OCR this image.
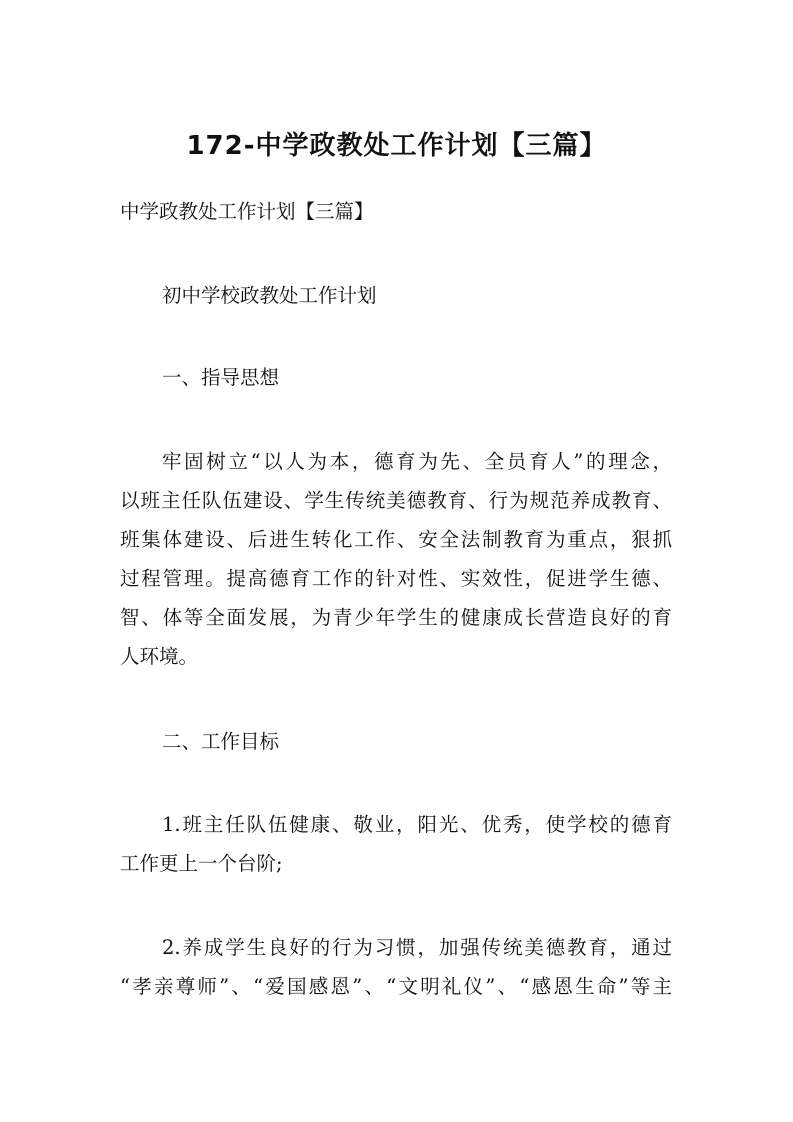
172-中学政教处工作计划【三篇】
中学政教处工作计划【三篇】
初中学校政教处工作计划
一、指导思想
牢固树立“以人为本，德育为先、全员育人”的理念，
以班主任队伍建设、学生传统美德教育、行为规范养成教育、
班集体建设、后进生转化工作、安全法制教育为重点，狠抓
过程管理。提高德育工作的针对性、实效性，促进学生德、
智、体等全面发展，为青少年学生的健康成长营造良好的育
人环境。
二、工作目标
1.班主任队伍健康、敬业，阳光、优秀，使学校的德育
工作更上一个台阶;
2.养成学生良好的行为习惯，加强传统美德教育，通过
“孝亲尊师”、“爱国感恩”、“文明礼仪”、“感恩生命”等主
